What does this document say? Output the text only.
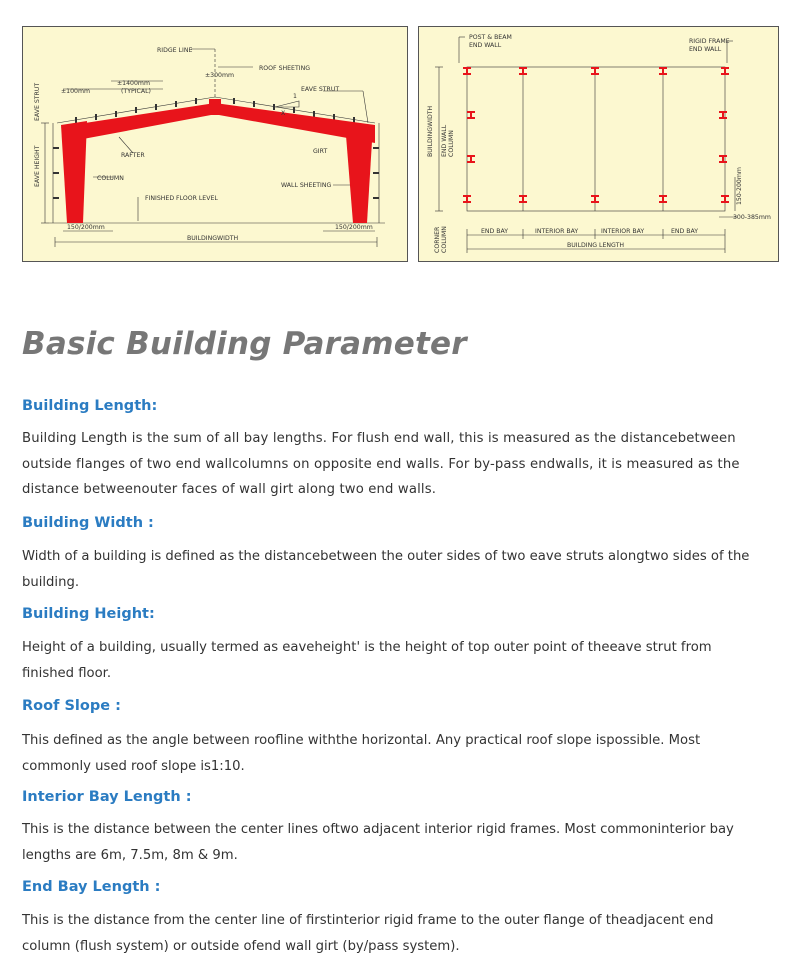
RIDGE LINE
ROOF SHEETING
±1400mm
(TYPICAL)
±100mm
±300mm
EAVE STRUT
1
X
RAFTER
GIRT
COLUMN
WALL SHEETING
FINISHED FLOOR LEVEL
150/200mm	150/200mm
BUILDINGWIDTH
EAVE STRUT
EAVE HEIGHT
POST & BEAM
END WALL
RIGID FRAME
END WALL
BUILDINGWIDTH END WALL COLUMN
CORNER COLUMN
150-200mm
300-385mm
END BAY	INTERIOR BAY	INTERIOR BAY	END BAY
BUILDING LENGTH
Basic Building Parameter
Building Length:

Building Length is the sum of all bay lengths. For flush end wall, this is measured as the distancebetween outside flanges of two end wallcolumns on opposite end walls. For by-pass endwalls, it is measured as the distance betweenouter faces of wall girt along two end walls.

Building Width :

Width of a building is defined as the distancebetween the outer sides of two eave struts alongtwo sides of the building.

Building Height:

Height of a building, usually termed as eaveheight' is the height of top outer point of theeave strut from finished floor.

Roof Slope :

This defined as the angle between roofline withthe horizontal. Any practical roof slope ispossible. Most commonly used roof slope is1:10.

Interior Bay Length :

This is the distance between the center lines oftwo adjacent interior rigid frames. Most commoninterior bay lengths are 6m, 7.5m, 8m & 9m.

End Bay Length :

This is the distance from the center line of firstinterior rigid frame to the outer flange of theadjacent end column (flush system) or outside ofend wall girt (by/pass system).
